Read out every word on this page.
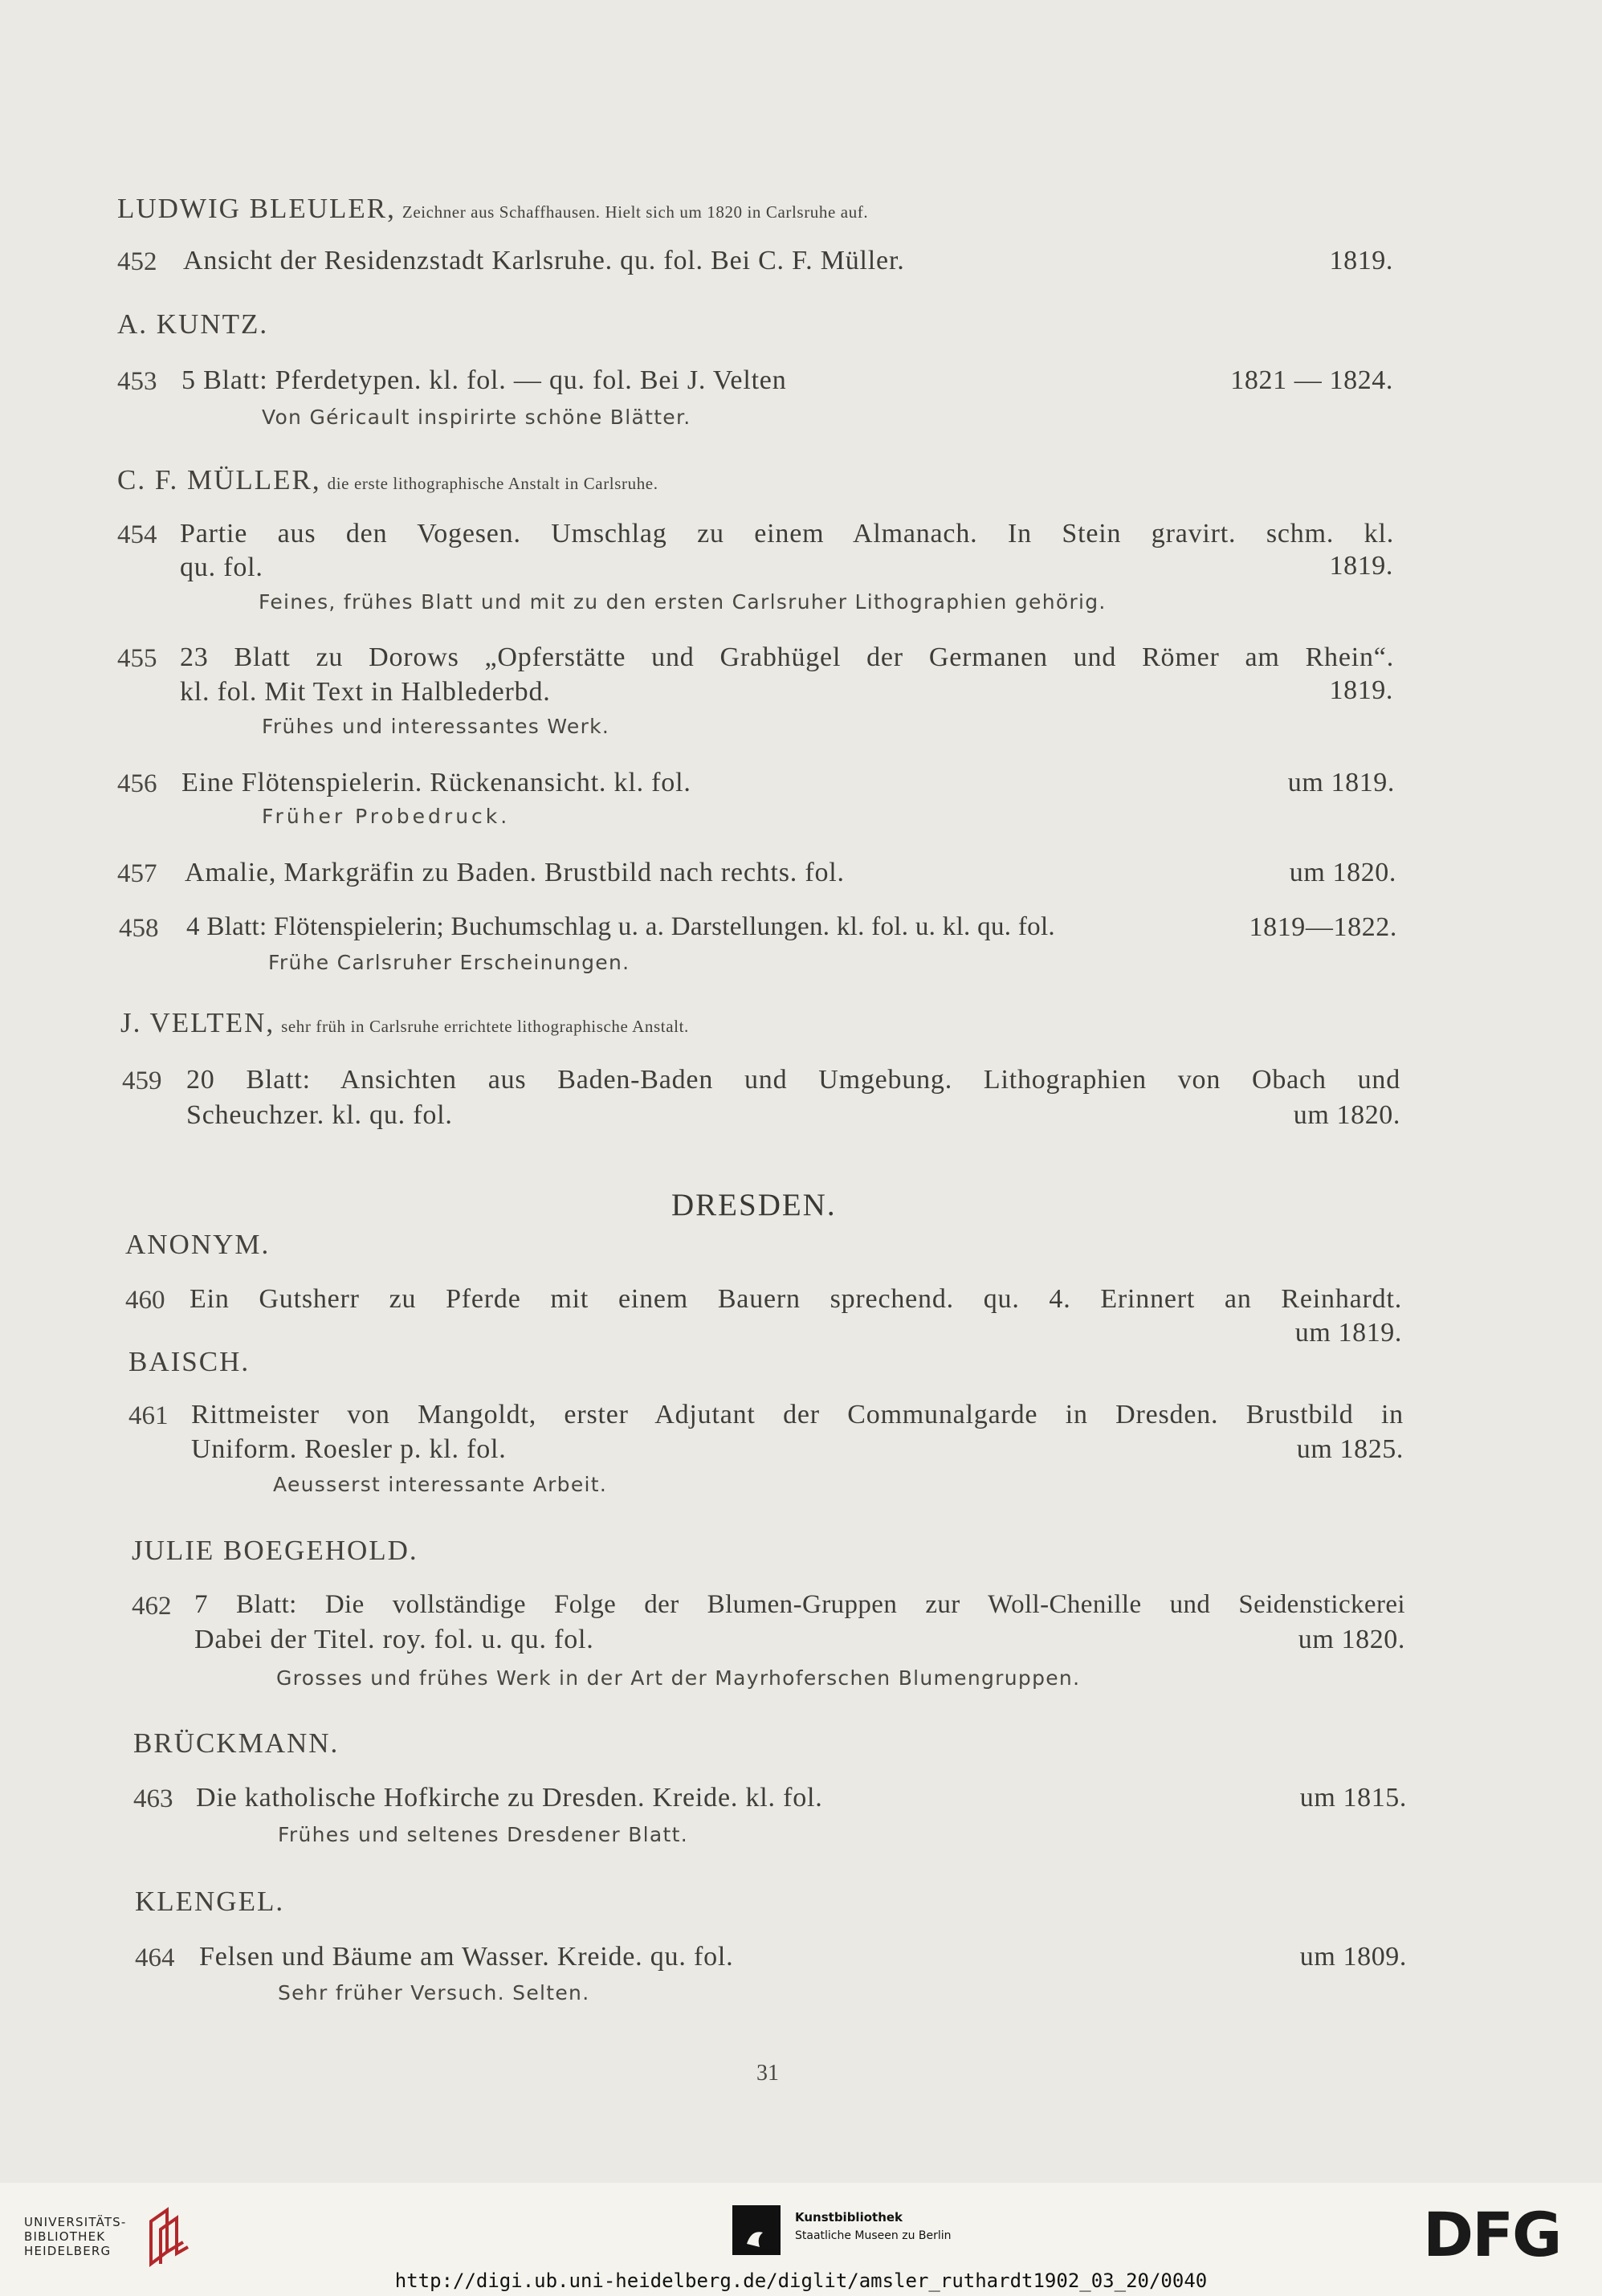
LUDWIG BLEULER, Zeichner aus Schaffhausen. Hielt sich um 1820 in Carlsruhe auf.
452 Ansicht der Residenzstadt Karlsruhe. qu. fol. Bei C. F. Müller.	1819.
A. KUNTZ.
453 5 Blatt: Pferdetypen. kl. fol. — qu. fol. Bei J. Velten	1821 — 1824.
Von Géricault inspirirte schöne Blätter.
C. F. MÜLLER, die erste lithographische Anstalt in Carlsruhe.
454 Partie aus den Vogesen. Umschlag zu einem Almanach. In Stein gravirt. schm. kl.
qu. fol.	1819.
Feines, frühes Blatt und mit zu den ersten Carlsruher Lithographien gehörig.
455 23 Blatt zu Dorows „Opferstätte und Grabhügel der Germanen und Römer am Rhein“.
kl. fol. Mit Text in Halblederbd.	1819.
Frühes und interessantes Werk.
456 Eine Flötenspielerin. Rückenansicht. kl. fol.	um 1819.
Früher Probedruck.
457 Amalie, Markgräfin zu Baden. Brustbild nach rechts. fol.	um 1820.
458 4 Blatt: Flötenspielerin; Buchumschlag u. a. Darstellungen. kl. fol. u. kl. qu. fol.	1819—1822.
Frühe Carlsruher Erscheinungen.
J. VELTEN, sehr früh in Carlsruhe errichtete lithographische Anstalt.
459 20 Blatt: Ansichten aus Baden-Baden und Umgebung. Lithographien von Obach und
Scheuchzer. kl. qu. fol.	um 1820.
DRESDEN.
ANONYM.
460 Ein Gutsherr zu Pferde mit einem Bauern sprechend. qu. 4. Erinnert an Reinhardt.
um 1819.
BAISCH.
461 Rittmeister von Mangoldt, erster Adjutant der Communalgarde in Dresden. Brustbild in
Uniform. Roesler p. kl. fol.	um 1825.
Aeusserst interessante Arbeit.
JULIE BOEGEHOLD.
462 7 Blatt: Die vollständige Folge der Blumen-Gruppen zur Woll-Chenille und Seidenstickerei
Dabei der Titel. roy. fol. u. qu. fol.	um 1820.
Grosses und frühes Werk in der Art der Mayrhoferschen Blumengruppen.
BRÜCKMANN.
463 Die katholische Hofkirche zu Dresden. Kreide. kl. fol.	um 1815.
Frühes und seltenes Dresdener Blatt.
KLENGEL.
464 Felsen und Bäume am Wasser. Kreide. qu. fol.	um 1809.
Sehr früher Versuch. Selten.
31
UNIVERSITÄTS-
BIBLIOTHEK
HEIDELBERG
Kunstbibliothek
Staatliche Museen zu Berlin	DFG
http://digi.ub.uni-heidelberg.de/diglit/amsler_ruthardt1902_03_20/0040
